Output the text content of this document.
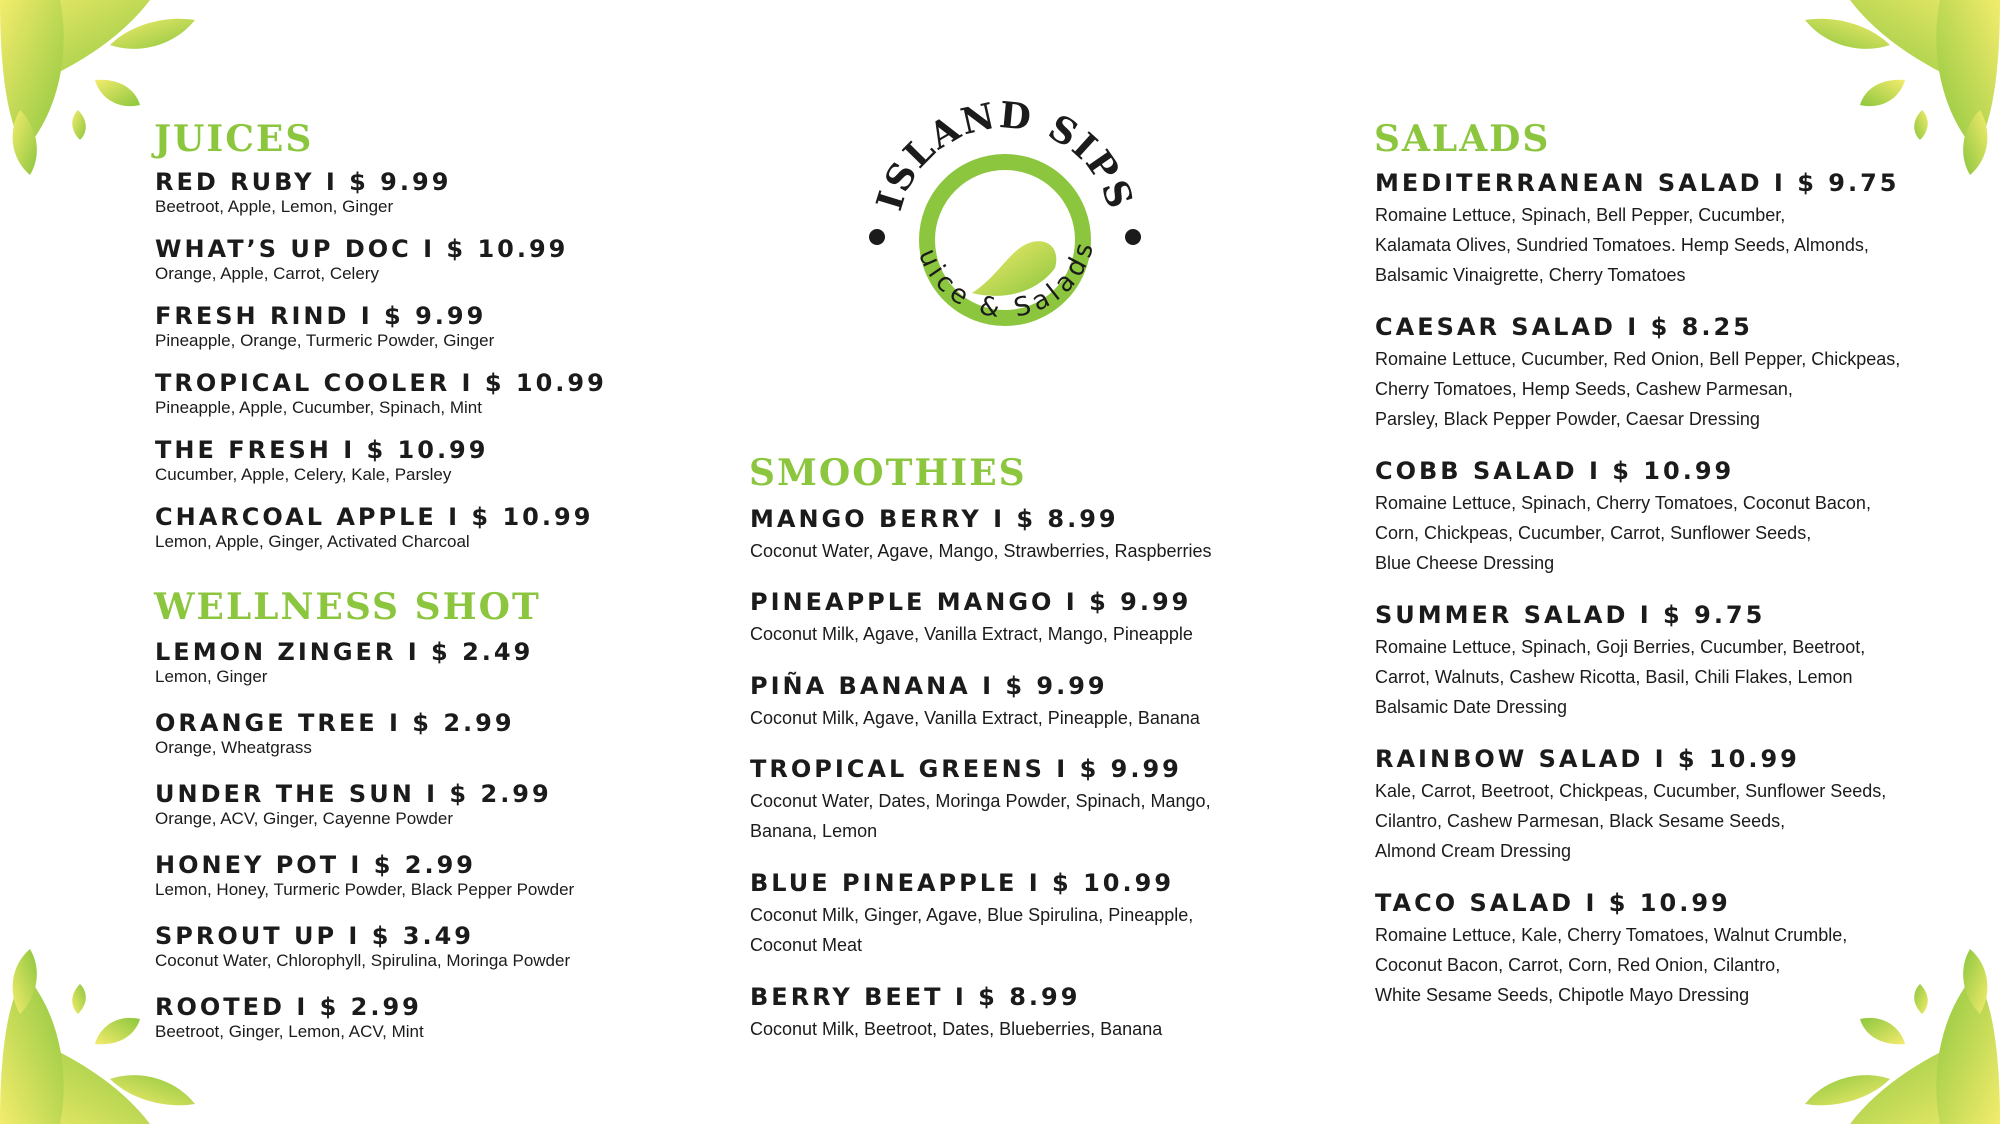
ISLAND SIPS
uice & Salads
JUICES
RED RUBY I $ 9.99
Beetroot, Apple, Lemon, Ginger
WHAT’S UP DOC I $ 10.99
Orange, Apple, Carrot, Celery
FRESH RIND I $ 9.99
Pineapple, Orange, Turmeric Powder, Ginger
TROPICAL COOLER I $ 10.99
Pineapple, Apple, Cucumber, Spinach, Mint
THE FRESH I $ 10.99
Cucumber, Apple, Celery, Kale, Parsley
CHARCOAL APPLE I $ 10.99
Lemon, Apple, Ginger, Activated Charcoal
WELLNESS SHOT
LEMON ZINGER I $ 2.49
Lemon, Ginger
ORANGE TREE I $ 2.99
Orange, Wheatgrass
UNDER THE SUN I $ 2.99
Orange, ACV, Ginger, Cayenne Powder
HONEY POT I $ 2.99
Lemon, Honey, Turmeric Powder, Black Pepper Powder
SPROUT UP I $ 3.49
Coconut Water, Chlorophyll, Spirulina, Moringa Powder
ROOTED I $ 2.99
Beetroot, Ginger, Lemon, ACV, Mint
SMOOTHIES
MANGO BERRY I $ 8.99
Coconut Water, Agave, Mango, Strawberries, Raspberries
PINEAPPLE MANGO I $ 9.99
Coconut Milk, Agave, Vanilla Extract, Mango, Pineapple
PIÑA BANANA I $ 9.99
Coconut Milk, Agave, Vanilla Extract, Pineapple, Banana
TROPICAL GREENS I $ 9.99
Coconut Water, Dates, Moringa Powder, Spinach, Mango,
Banana, Lemon
BLUE PINEAPPLE I $ 10.99
Coconut Milk, Ginger, Agave, Blue Spirulina, Pineapple,
Coconut Meat
BERRY BEET I $ 8.99
Coconut Milk, Beetroot, Dates, Blueberries, Banana
SALADS
MEDITERRANEAN SALAD I $ 9.75
Romaine Lettuce, Spinach, Bell Pepper, Cucumber,
Kalamata Olives, Sundried Tomatoes. Hemp Seeds, Almonds,
Balsamic Vinaigrette, Cherry Tomatoes
CAESAR SALAD I $ 8.25
Romaine Lettuce, Cucumber, Red Onion, Bell Pepper, Chickpeas,
Cherry Tomatoes, Hemp Seeds, Cashew Parmesan,
Parsley, Black Pepper Powder, Caesar Dressing
COBB SALAD I $ 10.99
Romaine Lettuce, Spinach, Cherry Tomatoes, Coconut Bacon,
Corn, Chickpeas, Cucumber, Carrot, Sunflower Seeds,
Blue Cheese Dressing
SUMMER SALAD I $ 9.75
Romaine Lettuce, Spinach, Goji Berries, Cucumber, Beetroot,
Carrot, Walnuts, Cashew Ricotta, Basil, Chili Flakes, Lemon
Balsamic Date Dressing
RAINBOW SALAD I $ 10.99
Kale, Carrot, Beetroot, Chickpeas, Cucumber, Sunflower Seeds,
Cilantro, Cashew Parmesan, Black Sesame Seeds,
Almond Cream Dressing
TACO SALAD I $ 10.99
Romaine Lettuce, Kale, Cherry Tomatoes, Walnut Crumble,
Coconut Bacon, Carrot, Corn, Red Onion, Cilantro,
White Sesame Seeds, Chipotle Mayo Dressing
